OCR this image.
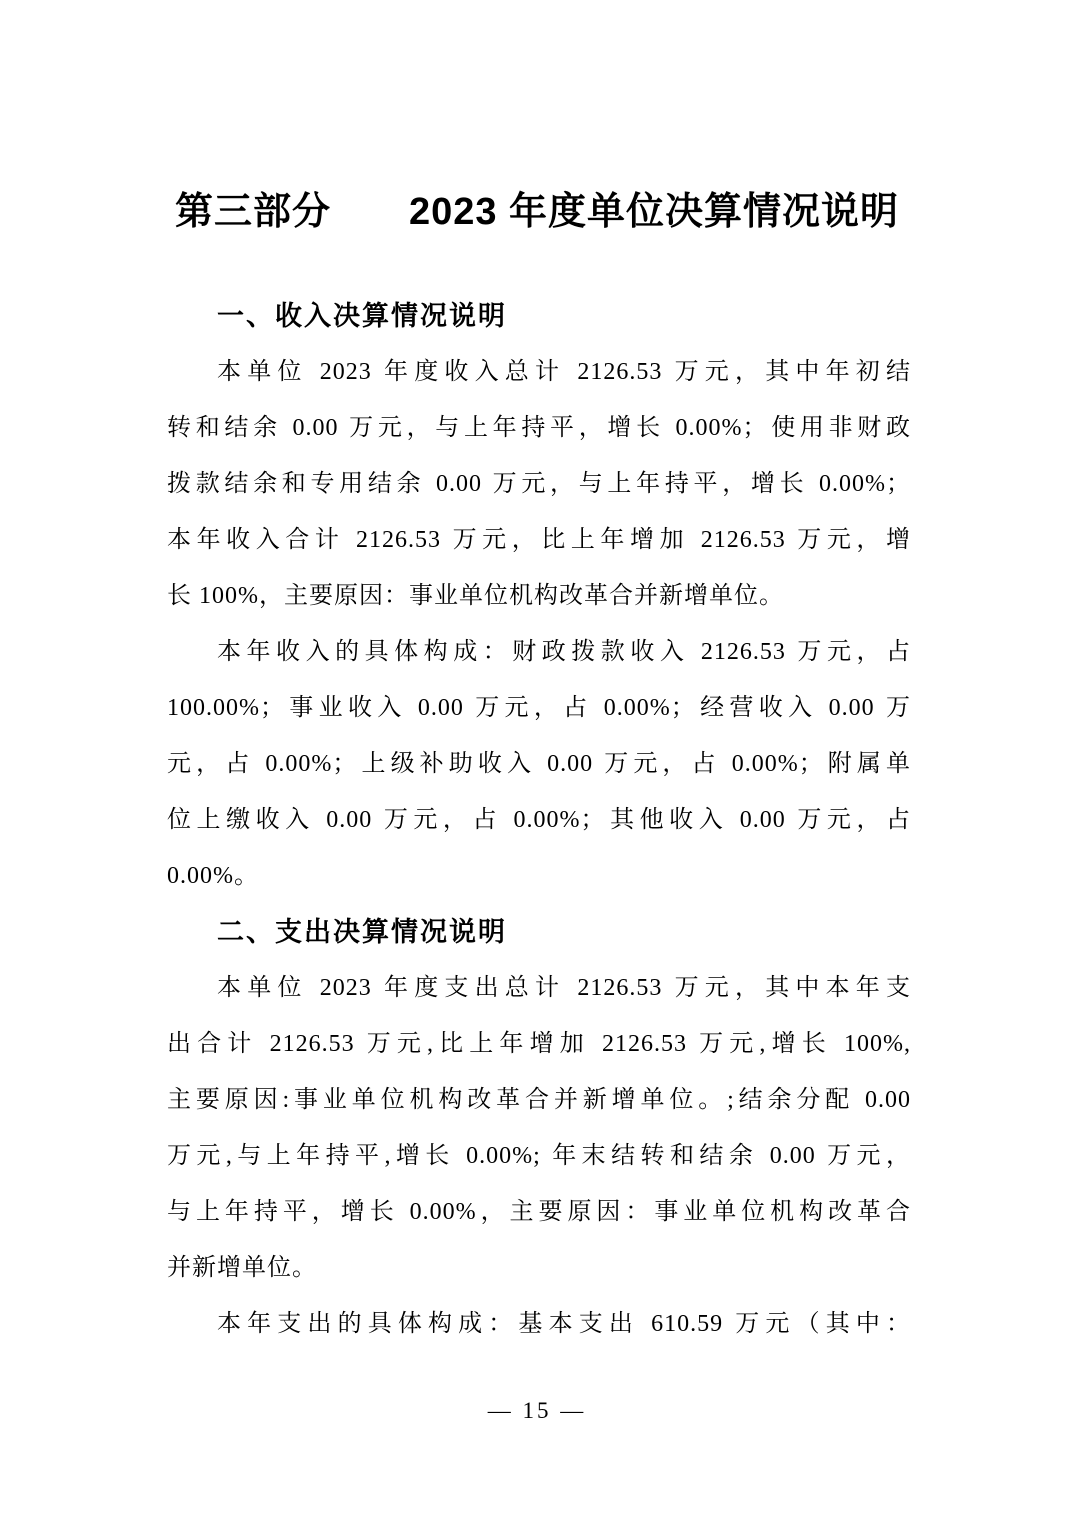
第三部分　　2023 年度单位决算情况说明
一、收入决算情况说明
本单位 2023 年度收入总计 2126.53 万元，其中年初结
转和结余 0.00 万元，与上年持平，增长 0.00%；使用非财政
拨款结余和专用结余 0.00 万元，与上年持平，增长 0.00%；
本年收入合计 2126.53 万元，比上年增加 2126.53 万元，增
长 100%，主要原因：事业单位机构改革合并新增单位。
本年收入的具体构成：财政拨款收入 2126.53 万元，占
100.00%；事业收入 0.00 万元，占 0.00%；经营收入 0.00 万
元，占 0.00%；上级补助收入 0.00 万元，占 0.00%；附属单
位上缴收入 0.00 万元，占 0.00%；其他收入 0.00 万元，占
0.00%。
二、支出决算情况说明
本单位 2023 年度支出总计 2126.53 万元，其中本年支
出合计 2126.53 万元,比上年增加 2126.53 万元,增长 100%,
主要原因:事业单位机构改革合并新增单位。;结余分配 0.00
万元,与上年持平,增长 0.00%; 年末结转和结余 0.00 万元，
与上年持平，增长 0.00%，主要原因：事业单位机构改革合
并新增单位。
本年支出的具体构成：基本支出 610.59 万元（其中：
— 15 —
